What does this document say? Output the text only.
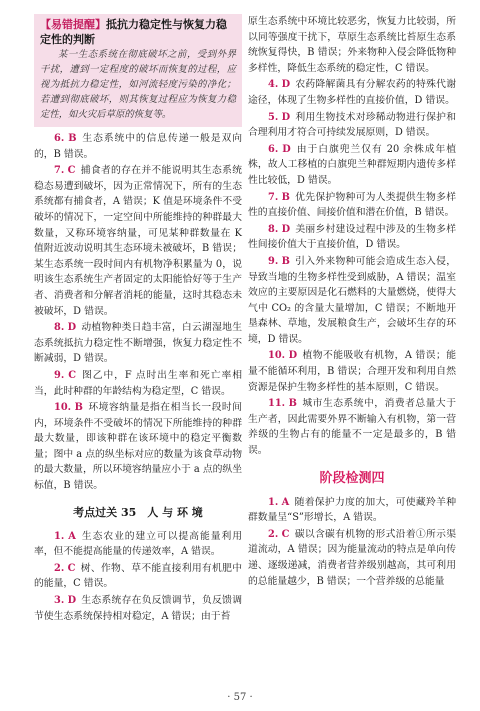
【易错提醒】抵抗力稳定性与恢复力稳定性的判断
某一生态系统在彻底破坏之前，受到外界干扰，遭到一定程度的破坏而恢复的过程，应视为抵抗力稳定性，如河流轻度污染的净化；若遭到彻底破坏，则其恢复过程应为恢复力稳定性，如火灾后草原的恢复等。
6. B 生态系统中的信息传递一般是双向的，B 错误。
7. C 捕食者的存在并不能说明其生态系统稳态易遭到破坏，因为正常情况下，所有的生态系统都有捕食者，A 错误；K 值是环境条件不受破坏的情况下，一定空间中所能维持的种群最大数量，又称环境容纳量，可见某种群数量在 K 值附近波动说明其生态环境未被破坏，B 错误；某生态系统一段时间内有机物净积累量为 0，说明该生态系统生产者固定的太阳能恰好等于生产者、消费者和分解者消耗的能量，这时其稳态未被破坏，D 错误。
8. D 动植物种类日趋丰富，白云湖湿地生态系统抵抗力稳定性不断增强，恢复力稳定性不断减弱，D 错误。
9. C 图乙中，F 点时出生率和死亡率相当，此时种群的年龄结构为稳定型，C 错误。
10. B 环境容纳量是指在相当长一段时间内，环境条件不受破坏的情况下所能维持的种群最大数量，即该种群在该环境中的稳定平衡数量；图中 a 点的纵坐标对应的数量为该食草动物的最大数量，所以环境容纳量应小于 a 点的纵坐标值，B 错误。
考点过关 35　人 与 环 境
1. A 生态农业的建立可以提高能量利用率，但不能提高能量的传递效率，A 错误。
2. C 树、作物、草不能直接利用有机肥中的能量，C 错误。
3. D 生态系统存在负反馈调节，负反馈调节使生态系统保持相对稳定，A 错误；由于苔
原生态系统中环境比较恶劣，恢复力比较弱，所以同等强度干扰下，草原生态系统比苔原生态系统恢复得快，B 错误；外来物种入侵会降低物种多样性，降低生态系统的稳定性，C 错误。
4. D 农药降解菌具有分解农药的特殊代谢途径，体现了生物多样性的直接价值，D 错误。
5. D 利用生物技术对珍稀动物进行保护和合理利用才符合可持续发展原则，D 错误。
6. D 由于白旗兜兰仅有 20 余株成年植株，故人工移植的白旗兜兰种群短期内遗传多样性比较低，D 错误。
7. B 优先保护物种可为人类提供生物多样性的直接价值、间接价值和潜在价值，B 错误。
8. D 美丽乡村建设过程中涉及的生物多样性间接价值大于直接价值，D 错误。
9. B 引入外来物种可能会造成生态入侵，导致当地的生物多样性受到威胁，A 错误；温室效应的主要原因是化石燃料的大量燃烧，使得大气中 CO₂ 的含量大量增加，C 错误；不断地开垦森林、草地，发展粮食生产，会破坏生存的环境，D 错误。
10. D 植物不能吸收有机物，A 错误；能量不能循环利用，B 错误；合理开发和利用自然资源是保护生物多样性的基本原则，C 错误。
11. B 城市生态系统中，消费者总量大于生产者，因此需要外界不断输入有机物，第一营养级的生物占有的能量不一定是最多的，B 错误。
阶段检测四
1. A 随着保护力度的加大，可使藏羚羊种群数量呈“S”形增长，A 错误。
2. C 碳以含碳有机物的形式沿着①所示渠道流动，A 错误；因为能量流动的特点是单向传递、逐级递减，消费者营养级别越高，其可利用的总能量越少，B 错误；一个营养级的总能量
· 57 ·
